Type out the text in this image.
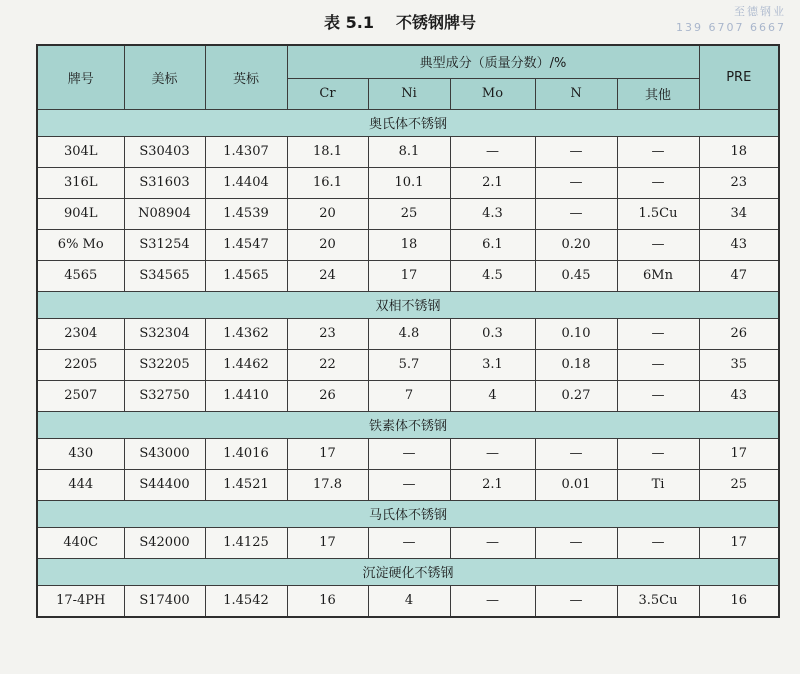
表 5.1 不锈钢牌号
至德钢业
139 6707 6667
牌号	美标	英标	典型成分（质量分数）/%					PRE
			Cr	Ni	Mo	N	其他	
奥氏体不锈钢								
304L	S30403	1.4307	18.1	8.1	—	—	—	18
316L	S31603	1.4404	16.1	10.1	2.1	—	—	23
904L	N08904	1.4539	20	25	4.3	—	1.5Cu	34
6% Mo	S31254	1.4547	20	18	6.1	0.20	—	43
4565	S34565	1.4565	24	17	4.5	0.45	6Mn	47
双相不锈钢								
2304	S32304	1.4362	23	4.8	0.3	0.10	—	26
2205	S32205	1.4462	22	5.7	3.1	0.18	—	35
2507	S32750	1.4410	26	7	4	0.27	—	43
铁素体不锈钢								
430	S43000	1.4016	17	—	—	—	—	17
444	S44400	1.4521	17.8	—	2.1	0.01	Ti	25
马氏体不锈钢								
440C	S42000	1.4125	17	—	—	—	—	17
沉淀硬化不锈钢								
17-4PH	S17400	1.4542	16	4	—	—	3.5Cu	16
